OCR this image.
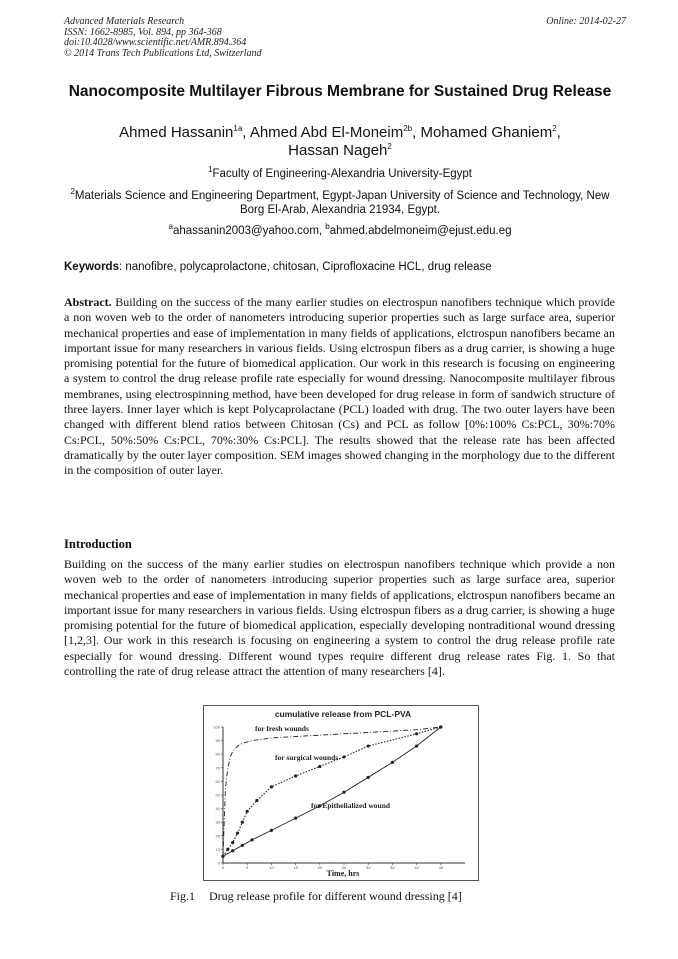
Advanced Materials Research
ISSN: 1662-8985, Vol. 894, pp 364-368
doi:10.4028/www.scientific.net/AMR.894.364
© 2014 Trans Tech Publications Ltd, Switzerland
Online: 2014-02-27
Nanocomposite Multilayer Fibrous Membrane for Sustained Drug Release
Ahmed Hassanin$^{1a}$, Ahmed Abd El-Moneim$^{2b}$, Mohamed Ghaniem$^2$,
Hassan Nageh$^2$
$^1$Faculty of Engineering-Alexandria University-Egypt
$^2$Materials Science and Engineering Department, Egypt-Japan University of Science and Technology, New Borg El-Arab, Alexandria 21934, Egypt.
$^a$ahassanin2003@yahoo.com, $^b$ahmed.abdelmoneim@ejust.edu.eg
Keywords: nanofibre, polycaprolactone, chitosan, Ciprofloxacine HCL, drug release
Abstract. Building on the success of the many earlier studies on electrospun nanofibers technique which provide a non woven web to the order of nanometers introducing superior properties such as large surface area, superior mechanical properties and ease of implementation in many fields of applications, elctrospun nanofibers became an important issue for many researchers in various fields. Using elctrospun fibers as a drug carrier, is showing a huge promising potential for the future of biomedical application. Our work in this research is focusing on engineering a system to control the drug release profile rate especially for wound dressing. Nanocomposite multilayer fibrous membranes, using electrospinning method, have been developed for drug release in form of sandwich structure of three layers. Inner layer which is kept Polycaprolactane (PCL) loaded with drug. The two outer layers have been changed with different blend ratios between Chitosan (Cs) and PCL as follow [0%:100% Cs:PCL, 30%:70% Cs:PCL, 50%:50% Cs:PCL, 70%:30% Cs:PCL]. The results showed that the release rate has been affected dramatically by the outer layer composition. SEM images showed changing in the morphology due to the different in the composition of outer layer.
Introduction
Building on the success of the many earlier studies on electrospun nanofibers technique which provide a non woven web to the order of nanometers introducing superior properties such as large surface area, superior mechanical properties and ease of implementation in many fields of applications, elctrospun nanofibers became an important issue for many researchers in various fields. Using elctrospun fibers as a drug carrier, is showing a huge promising potential for the future of biomedical application, especially developing nontraditional wound dressing [1,2,3]. Our work in this research is focusing on engineering a system to control the drug release profile rate especially for wound dressing. Different wound types require different drug release rates Fig. 1. So that controlling the rate of drug release attract the attention of many researchers [4].
cumulative release from PCL-PVA
Time, hrs
0
10
20
30
40
50
60
70
80
90
100
0	5	10	15	20	25	30	35	40	45
for fresh wounds
for surgical wounds
for Epithelialized wound
Fig.1 Drug release profile for different wound dressing [4]
